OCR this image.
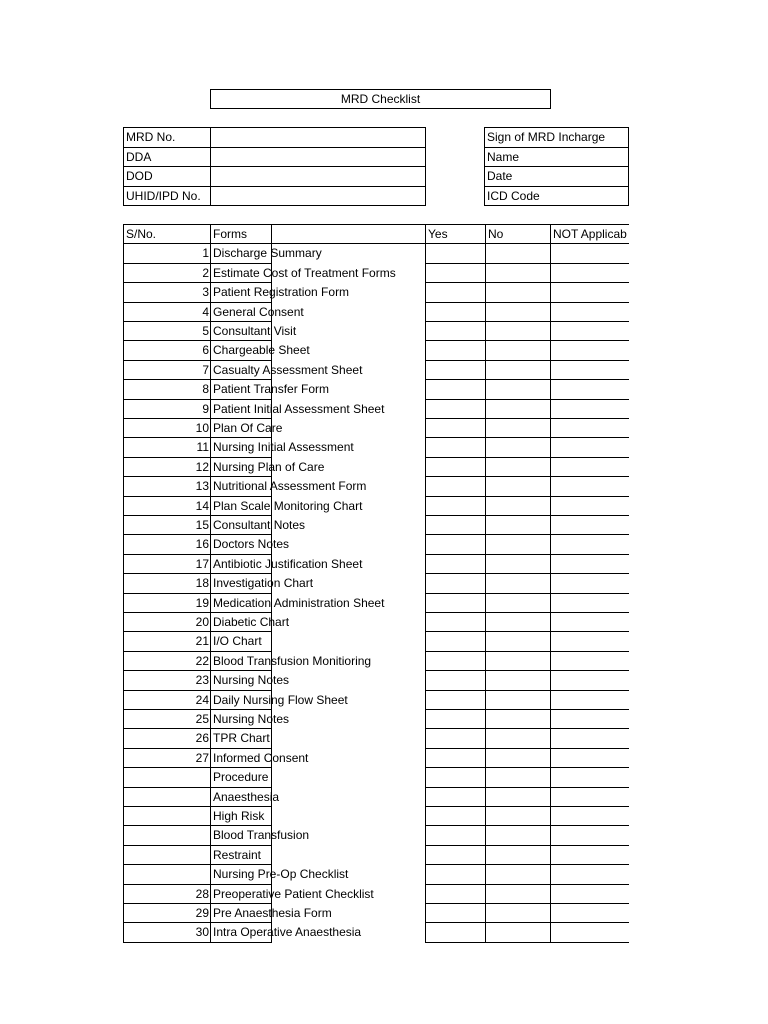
MRD Checklist
MRD No.
DDA
DOD
UHID/IPD No.
Sign of MRD Incharge
Name
Date
ICD Code
S/No.	Forms	Yes	No	NOT Applicab
1 Discharge Summary
2 Estimate Cost of Treatment Forms
3 Patient Registration Form
4 General Consent
5 Consultant Visit
6 Chargeable Sheet
7 Casualty Assessment Sheet
8 Patient Transfer Form
9 Patient Initial Assessment Sheet
10 Plan Of Care
11 Nursing Initial Assessment
12 Nursing Plan of Care
13 Nutritional Assessment Form
14 Plan Scale Monitoring Chart
15 Consultant Notes
16 Doctors Notes
17 Antibiotic Justification Sheet
18 Investigation Chart
19 Medication Administration Sheet
20 Diabetic Chart
21 I/O Chart
22 Blood Transfusion Monitioring
23 Nursing Notes
24 Daily Nursing Flow Sheet
25 Nursing Notes
26 TPR Chart
27 Informed Consent
Procedure
Anaesthesia
High Risk
Blood Transfusion
Restraint
Nursing Pre-Op Checklist
28 Preoperative Patient Checklist
29 Pre Anaesthesia Form
30 Intra Operative Anaesthesia
